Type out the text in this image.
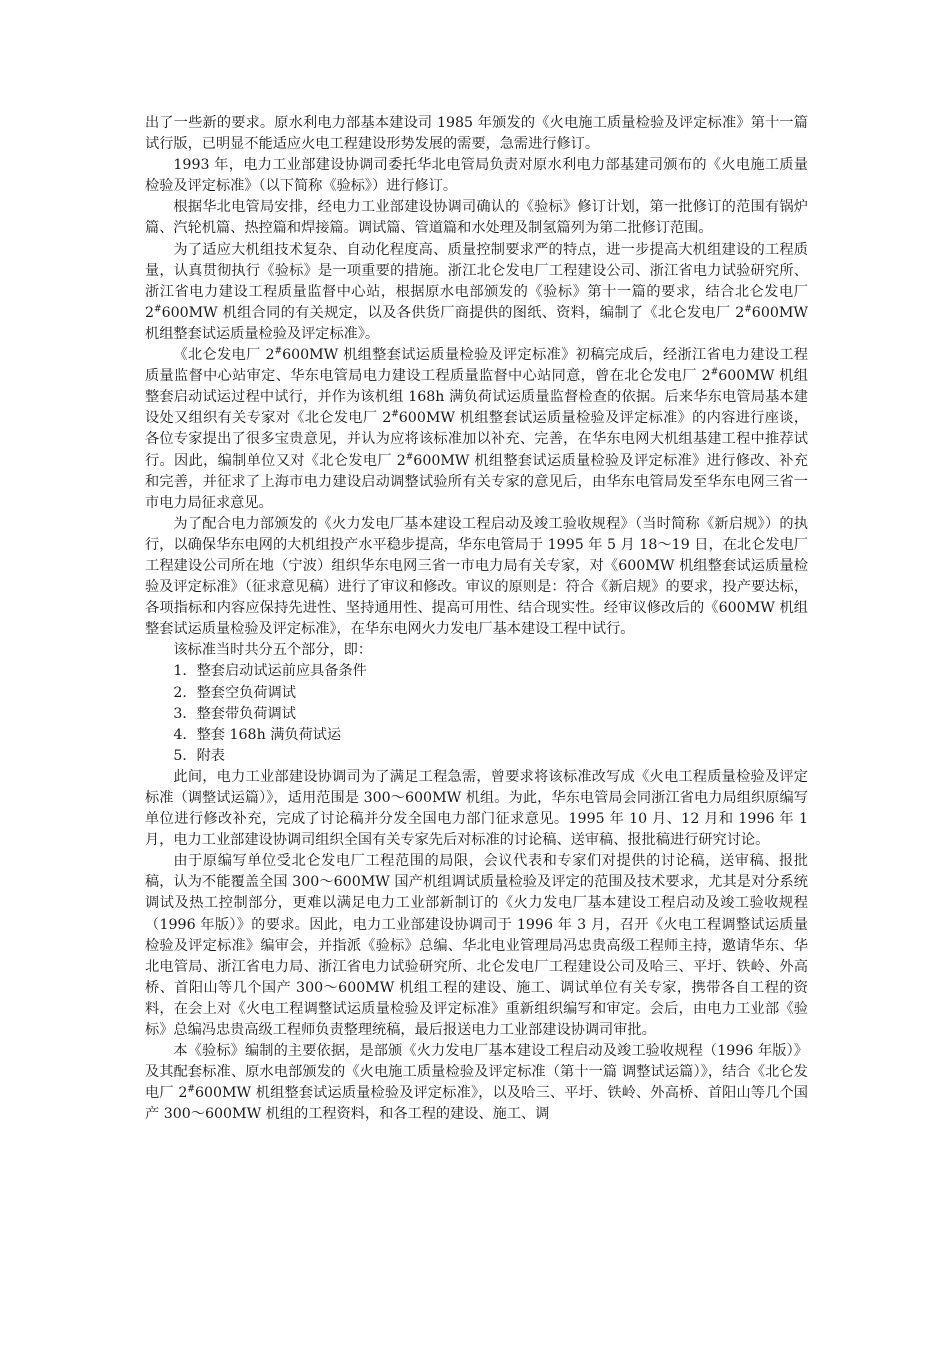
出了一些新的要求。原水利电力部基本建设司 1985 年颁发的《火电施工质量检验及评定标准》第十一篇试行版，已明显不能适应火电工程建设形势发展的需要，急需进行修订。

1993 年，电力工业部建设协调司委托华北电管局负责对原水利电力部基建司颁布的《火电施工质量检验及评定标准》（以下简称《验标》）进行修订。

根据华北电管局安排，经电力工业部建设协调司确认的《验标》修订计划，第一批修订的范围有锅炉篇、汽轮机篇、热控篇和焊接篇。调试篇、管道篇和水处理及制氢篇列为第二批修订范围。

为了适应大机组技术复杂、自动化程度高、质量控制要求严的特点，进一步提高大机组建设的工程质量，认真贯彻执行《验标》是一项重要的措施。浙江北仑发电厂工程建设公司、浙江省电力试验研究所、浙江省电力建设工程质量监督中心站，根据原水电部颁发的《验标》第十一篇的要求，结合北仑发电厂 2#600MW 机组合同的有关规定，以及各供货厂商提供的图纸、资料，编制了《北仑发电厂 2#600MW 机组整套试运质量检验及评定标准》。

《北仑发电厂 2#600MW 机组整套试运质量检验及评定标准》初稿完成后，经浙江省电力建设工程质量监督中心站审定、华东电管局电力建设工程质量监督中心站同意，曾在北仑发电厂 2#600MW 机组整套启动试运过程中试行，并作为该机组 168h 满负荷试运质量监督检查的依据。后来华东电管局基本建设处又组织有关专家对《北仑发电厂 2#600MW 机组整套试运质量检验及评定标准》的内容进行座谈，各位专家提出了很多宝贵意见，并认为应将该标准加以补充、完善，在华东电网大机组基建工程中推荐试行。因此，编制单位又对《北仑发电厂 2#600MW 机组整套试运质量检验及评定标准》进行修改、补充和完善，并征求了上海市电力建设启动调整试验所有关专家的意见后，由华东电管局发至华东电网三省一市电力局征求意见。

为了配合电力部颁发的《火力发电厂基本建设工程启动及竣工验收规程》（当时简称《新启规》）的执行，以确保华东电网的大机组投产水平稳步提高，华东电管局于 1995 年 5 月 18～19 日，在北仑发电厂工程建设公司所在地（宁波）组织华东电网三省一市电力局有关专家，对《600MW 机组整套试运质量检验及评定标准》（征求意见稿）进行了审议和修改。审议的原则是：符合《新启规》的要求，投产要达标，各项指标和内容应保持先进性、坚持通用性、提高可用性、结合现实性。经审议修改后的《600MW 机组整套试运质量检验及评定标准》，在华东电网火力发电厂基本建设工程中试行。

该标准当时共分五个部分，即：

1．整套启动试运前应具备条件

2．整套空负荷调试

3．整套带负荷调试

4．整套 168h 满负荷试运

5．附表

此间，电力工业部建设协调司为了满足工程急需，曾要求将该标准改写成《火电工程质量检验及评定标准（调整试运篇）》，适用范围是 300～600MW 机组。为此，华东电管局会同浙江省电力局组织原编写单位进行修改补充，完成了讨论稿并分发全国电力部门征求意见。1995 年 10 月、12 月和 1996 年 1 月，电力工业部建设协调司组织全国有关专家先后对标准的讨论稿、送审稿、报批稿进行研究讨论。

由于原编写单位受北仑发电厂工程范围的局限，会议代表和专家们对提供的讨论稿，送审稿、报批稿，认为不能覆盖全国 300～600MW 国产机组调试质量检验及评定的范围及技术要求，尤其是对分系统调试及热工控制部分，更难以满足电力工业部新制订的《火力发电厂基本建设工程启动及竣工验收规程（1996 年版）》的要求。因此，电力工业部建设协调司于 1996 年 3 月，召开《火电工程调整试运质量检验及评定标准》编审会，并指派《验标》总编、华北电业管理局冯忠贵高级工程师主持，邀请华东、华北电管局、浙江省电力局、浙江省电力试验研究所、北仑发电厂工程建设公司及哈三、平圩、铁岭、外高桥、首阳山等几个国产 300～600MW 机组工程的建设、施工、调试单位有关专家，携带各自工程的资料，在会上对《火电工程调整试运质量检验及评定标准》重新组织编写和审定。会后，由电力工业部《验标》总编冯忠贵高级工程师负责整理统稿，最后报送电力工业部建设协调司审批。

本《验标》编制的主要依据，是部颁《火力发电厂基本建设工程启动及竣工验收规程（1996 年版）》及其配套标准、原水电部颁发的《火电施工质量检验及评定标准（第十一篇 调整试运篇）》，结合《北仑发电厂 2#600MW 机组整套试运质量检验及评定标准》，以及哈三、平圩、铁岭、外高桥、首阳山等几个国产 300～600MW 机组的工程资料，和各工程的建设、施工、调
